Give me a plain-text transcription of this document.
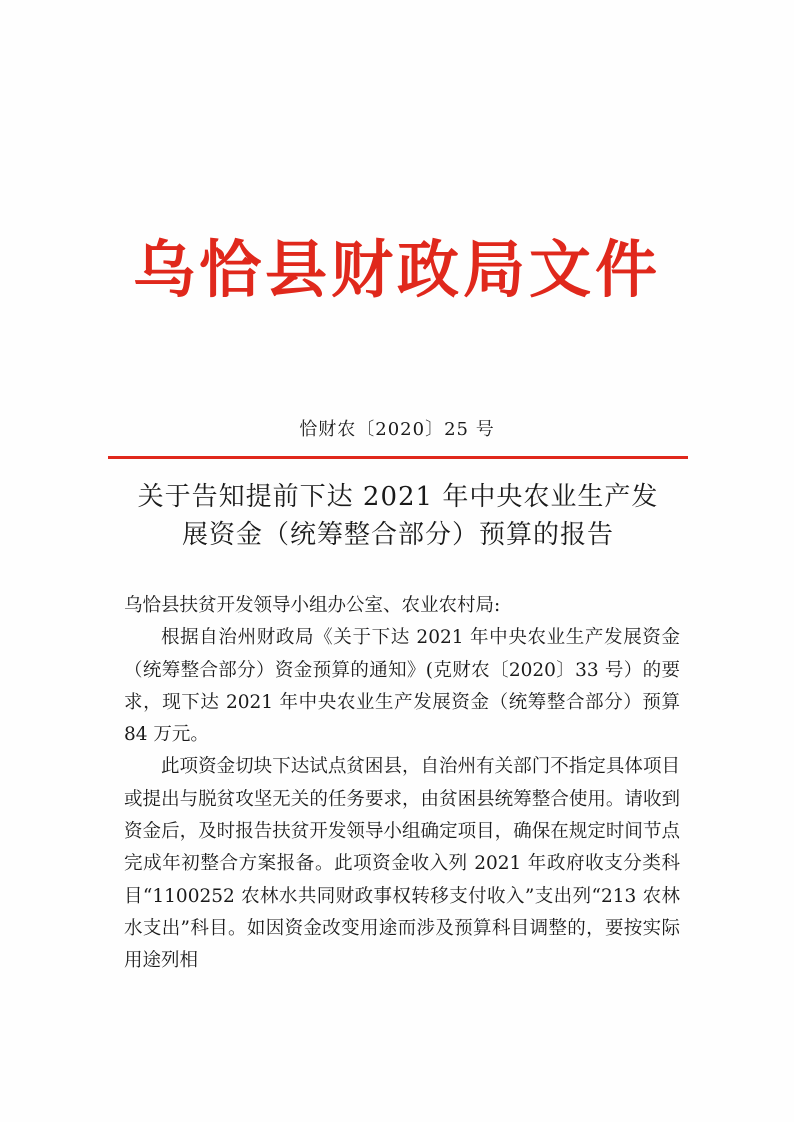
乌恰县财政局文件
恰财农〔2020〕25 号
关于告知提前下达 2021 年中央农业生产发
展资金（统筹整合部分）预算的报告

乌恰县扶贫开发领导小组办公室、农业农村局:

根据自治州财政局《关于下达 2021 年中央农业生产发展资金（统筹整合部分）资金预算的通知》(克财农〔2020〕33 号）的要求，现下达 2021 年中央农业生产发展资金（统筹整合部分）预算 84 万元。

此项资金切块下达试点贫困县，自治州有关部门不指定具体项目或提出与脱贫攻坚无关的任务要求，由贫困县统筹整合使用。请收到资金后，及时报告扶贫开发领导小组确定项目，确保在规定时间节点完成年初整合方案报备。此项资金收入列 2021 年政府收支分类科目“1100252 农林水共同财政事权转移支付收入”支出列“213 农林水支出”科目。如因资金改变用途而涉及预算科目调整的，要按实际用途列相
